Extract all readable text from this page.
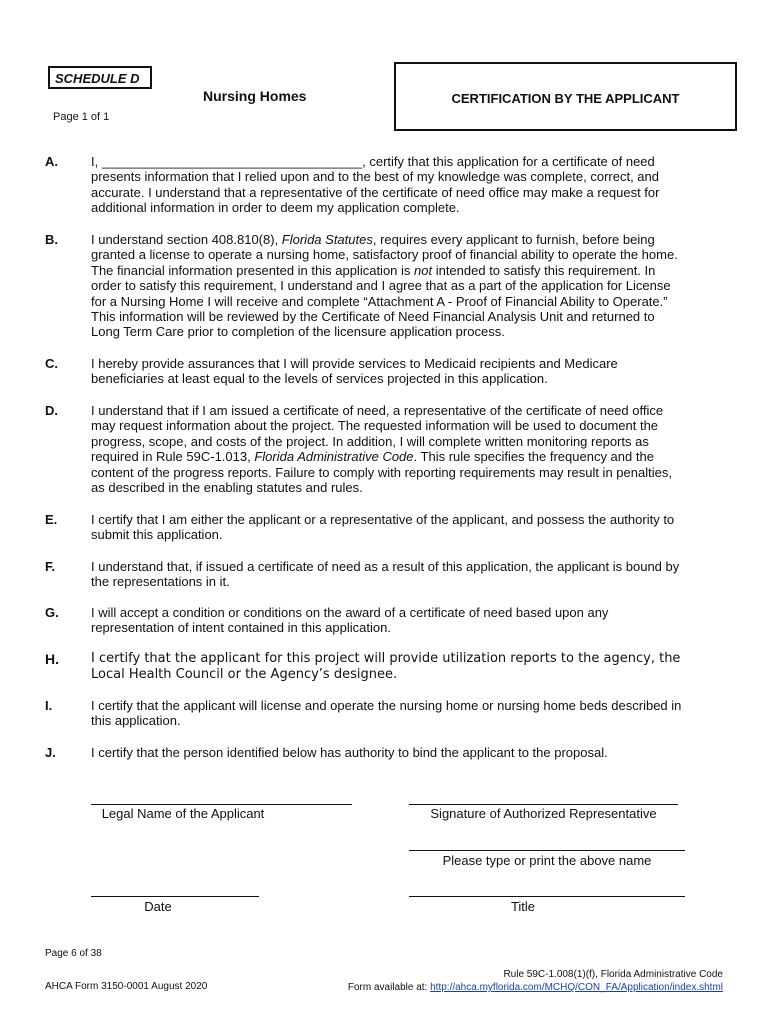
SCHEDULE D
Nursing Homes
Page 1 of 1
CERTIFICATION BY THE APPLICANT
A.	I, ____________________________________, certify that this application for a certificate of need
presents information that I relied upon and to the best of my knowledge was complete, correct, and
accurate. I understand that a representative of the certificate of need office may make a request for
additional information in order to deem my application complete.
B.	I understand section 408.810(8), Florida Statutes, requires every applicant to furnish, before being
granted a license to operate a nursing home, satisfactory proof of financial ability to operate the home.
The financial information presented in this application is not intended to satisfy this requirement. In
order to satisfy this requirement, I understand and I agree that as a part of the application for License
for a Nursing Home I will receive and complete “Attachment A - Proof of Financial Ability to Operate.”
This information will be reviewed by the Certificate of Need Financial Analysis Unit and returned to
Long Term Care prior to completion of the licensure application process.
C.	I hereby provide assurances that I will provide services to Medicaid recipients and Medicare
beneficiaries at least equal to the levels of services projected in this application.
D.	I understand that if I am issued a certificate of need, a representative of the certificate of need office
may request information about the project. The requested information will be used to document the
progress, scope, and costs of the project. In addition, I will complete written monitoring reports as
required in Rule 59C-1.013, Florida Administrative Code. This rule specifies the frequency and the
content of the progress reports. Failure to comply with reporting requirements may result in penalties,
as described in the enabling statutes and rules.
E.	I certify that I am either the applicant or a representative of the applicant, and possess the authority to
submit this application.
F.	I understand that, if issued a certificate of need as a result of this application, the applicant is bound by
the representations in it.
G. I will accept a condition or conditions on the award of a certificate of need based upon any
representation of intent contained in this application.
H. I certify that the applicant for this project will provide utilization reports to the agency, the
Local Health Council or the Agency’s designee.
I.	I certify that the applicant will license and operate the nursing home or nursing home beds described in
this application.
J.	I certify that the person identified below has authority to bind the applicant to the proposal.
Legal Name of the Applicant	Signature of Authorized Representative
Please type or print the above name
Date	Title
Page 6 of 38
AHCA Form 3150-0001 August 2020
Rule 59C-1.008(1)(f), Florida Administrative Code
Form available at: http://ahca.myflorida.com/MCHQ/CON_FA/Application/index.shtml
